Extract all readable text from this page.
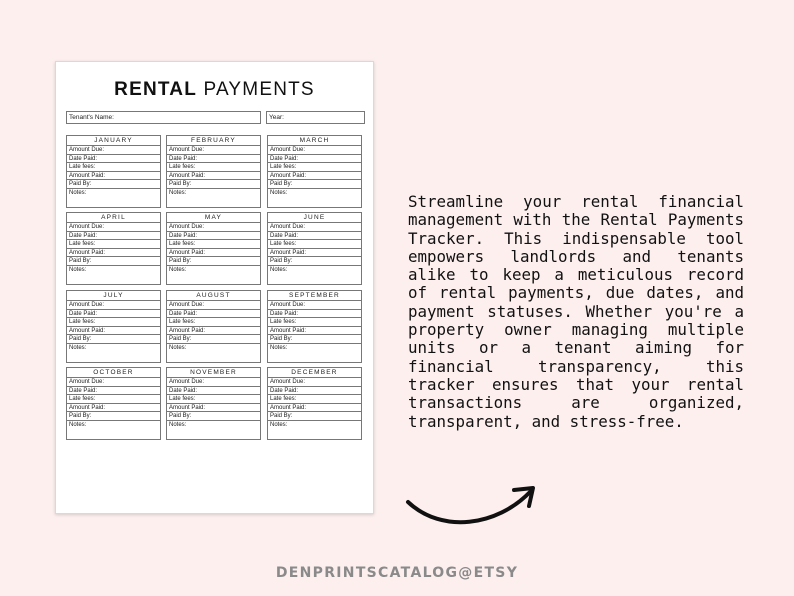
RENTAL PAYMENTS
Tenant's Name:	Year:
JANUARY
Amount Due:
Date Paid:
Late fees:
Amount Paid:
Paid By:
Notes:
FEBRUARY
Amount Due:
Date Paid:
Late fees:
Amount Paid:
Paid By:
Notes:
MARCH
Amount Due:
Date Paid:
Late fees:
Amount Paid:
Paid By:
Notes:
APRIL
Amount Due:
Date Paid:
Late fees:
Amount Paid:
Paid By:
Notes:
MAY
Amount Due:
Date Paid:
Late fees:
Amount Paid:
Paid By:
Notes:
JUNE
Amount Due:
Date Paid:
Late fees:
Amount Paid:
Paid By:
Notes:
JULY
Amount Due:
Date Paid:
Late fees:
Amount Paid:
Paid By:
Notes:
AUGUST
Amount Due:
Date Paid:
Late fees:
Amount Paid:
Paid By:
Notes:
SEPTEMBER
Amount Due:
Date Paid:
Late fees:
Amount Paid:
Paid By:
Notes:
OCTOBER
Amount Due:
Date Paid:
Late fees:
Amount Paid:
Paid By:
Notes:
NOVEMBER
Amount Due:
Date Paid:
Late fees:
Amount Paid:
Paid By:
Notes:
DECEMBER
Amount Due:
Date Paid:
Late fees:
Amount Paid:
Paid By:
Notes:
Streamline your rental financial management with the Rental Payments Tracker. This indispensable tool empowers landlords and tenants alike to keep a meticulous record of rental payments, due dates, and payment statuses. Whether you're a property owner managing multiple units or a tenant aiming for financial transparency, this tracker ensures that your rental transactions are organized, transparent, and stress-free.
DENPRINTSCATALOG@ETSY
